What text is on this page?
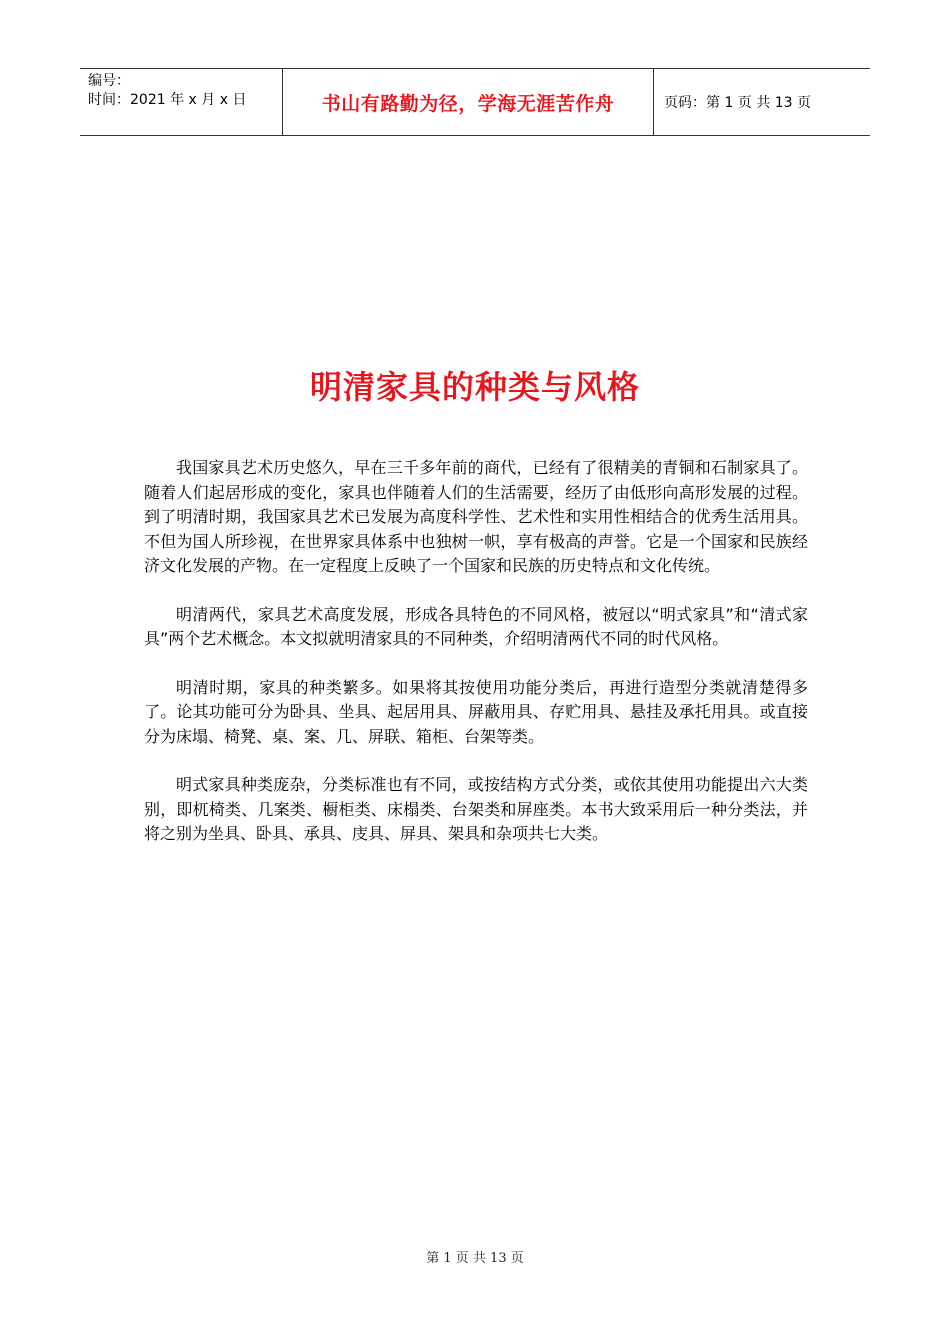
编号：
时间：2021 年 x 月 x 日	书山有路勤为径，学海无涯苦作舟	页码：第 1 页 共 13 页
明清家具的种类与风格

我国家具艺术历史悠久，早在三千多年前的商代，已经有了很精美的青铜和石制家具了。随着人们起居形成的变化，家具也伴随着人们的生活需要，经历了由低形向高形发展的过程。到了明清时期，我国家具艺术已发展为高度科学性、艺术性和实用性相结合的优秀生活用具。不但为国人所珍视，在世界家具体系中也独树一帜，享有极高的声誉。它是一个国家和民族经济文化发展的产物。在一定程度上反映了一个国家和民族的历史特点和文化传统。

明清两代，家具艺术高度发展，形成各具特色的不同风格，被冠以“明式家具”和“清式家具”两个艺术概念。本文拟就明清家具的不同种类，介绍明清两代不同的时代风格。

明清时期，家具的种类繁多。如果将其按使用功能分类后，再进行造型分类就清楚得多了。论其功能可分为卧具、坐具、起居用具、屏蔽用具、存贮用具、悬挂及承托用具。或直接分为床塌、椅凳、桌、案、几、屏联、箱柜、台架等类。

明式家具种类庞杂，分类标准也有不同，或按结构方式分类，或依其使用功能提出六大类别，即杌椅类、几案类、橱柜类、床榻类、台架类和屏座类。本书大致采用后一种分类法，并将之别为坐具、卧具、承具、庋具、屏具、架具和杂项共七大类。

第 1 页 共 13 页
